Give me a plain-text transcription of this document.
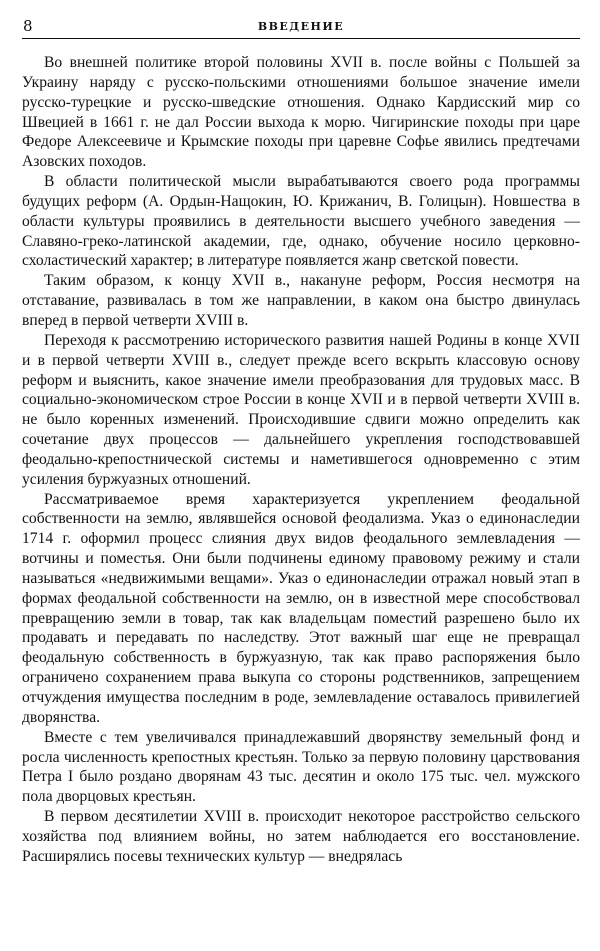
8	ВВЕДЕНИЕ

Во внешней политике второй половины XVII в. после войны с Польшей за Украину наряду с русско-польскими отношениями большое значение имели русско-турецкие и русско-шведские отношения. Однако Кардисский мир со Швецией в 1661 г. не дал России выхода к морю. Чигиринские походы при царе Федоре Алексеевиче и Крымские походы при царевне Софье явились предтечами Азовских походов.

В области политической мысли вырабатываются своего рода программы будущих реформ (А. Ордын-Нащокин, Ю. Крижанич, В. Голицын). Новшества в области культуры проявились в деятельности высшего учебного заведения — Славяно-греко-латинской академии, где, однако, обучение носило церковно-схоластический характер; в литературе появляется жанр светской повести.

Таким образом, к концу XVII в., накануне реформ, Россия несмотря на отставание, развивалась в том же направлении, в каком она быстро двинулась вперед в первой четверти XVIII в.

Переходя к рассмотрению исторического развития нашей Родины в конце XVII и в первой четверти XVIII в., следует прежде всего вскрыть классовую основу реформ и выяснить, какое значение имели преобразования для трудовых масс. В социально-экономическом строе России в конце XVII и в первой четверти XVIII в. не было коренных изменений. Происходившие сдвиги можно определить как сочетание двух процессов — дальнейшего укрепления господствовавшей феодально-крепостнической системы и наметившегося одновременно с этим усиления буржуазных отношений.

Рассматриваемое время характеризуется укреплением феодальной собственности на землю, являвшейся основой феодализма. Указ о единонаследии 1714 г. оформил процесс слияния двух видов феодального землевладения — вотчины и поместья. Они были подчинены единому правовому режиму и стали называться «недвижимыми вещами». Указ о единонаследии отражал новый этап в формах феодальной собственности на землю, он в известной мере способствовал превращению земли в товар, так как владельцам поместий разрешено было их продавать и передавать по наследству. Этот важный шаг еще не превращал феодальную собственность в буржуазную, так как право распоряжения было ограничено сохранением права выкупа со стороны родственников, запрещением отчуждения имущества последним в роде, землевладение оставалось привилегией дворянства.

Вместе с тем увеличивался принадлежавший дворянству земельный фонд и росла численность крепостных крестьян. Только за первую половину царствования Петра I было роздано дворянам 43 тыс. десятин и около 175 тыс. чел. мужского пола дворцовых крестьян.

В первом десятилетии XVIII в. происходит некоторое расстройство сельского хозяйства под влиянием войны, но затем наблюдается его восстановление. Расширялись посевы технических культур — внедрялась
